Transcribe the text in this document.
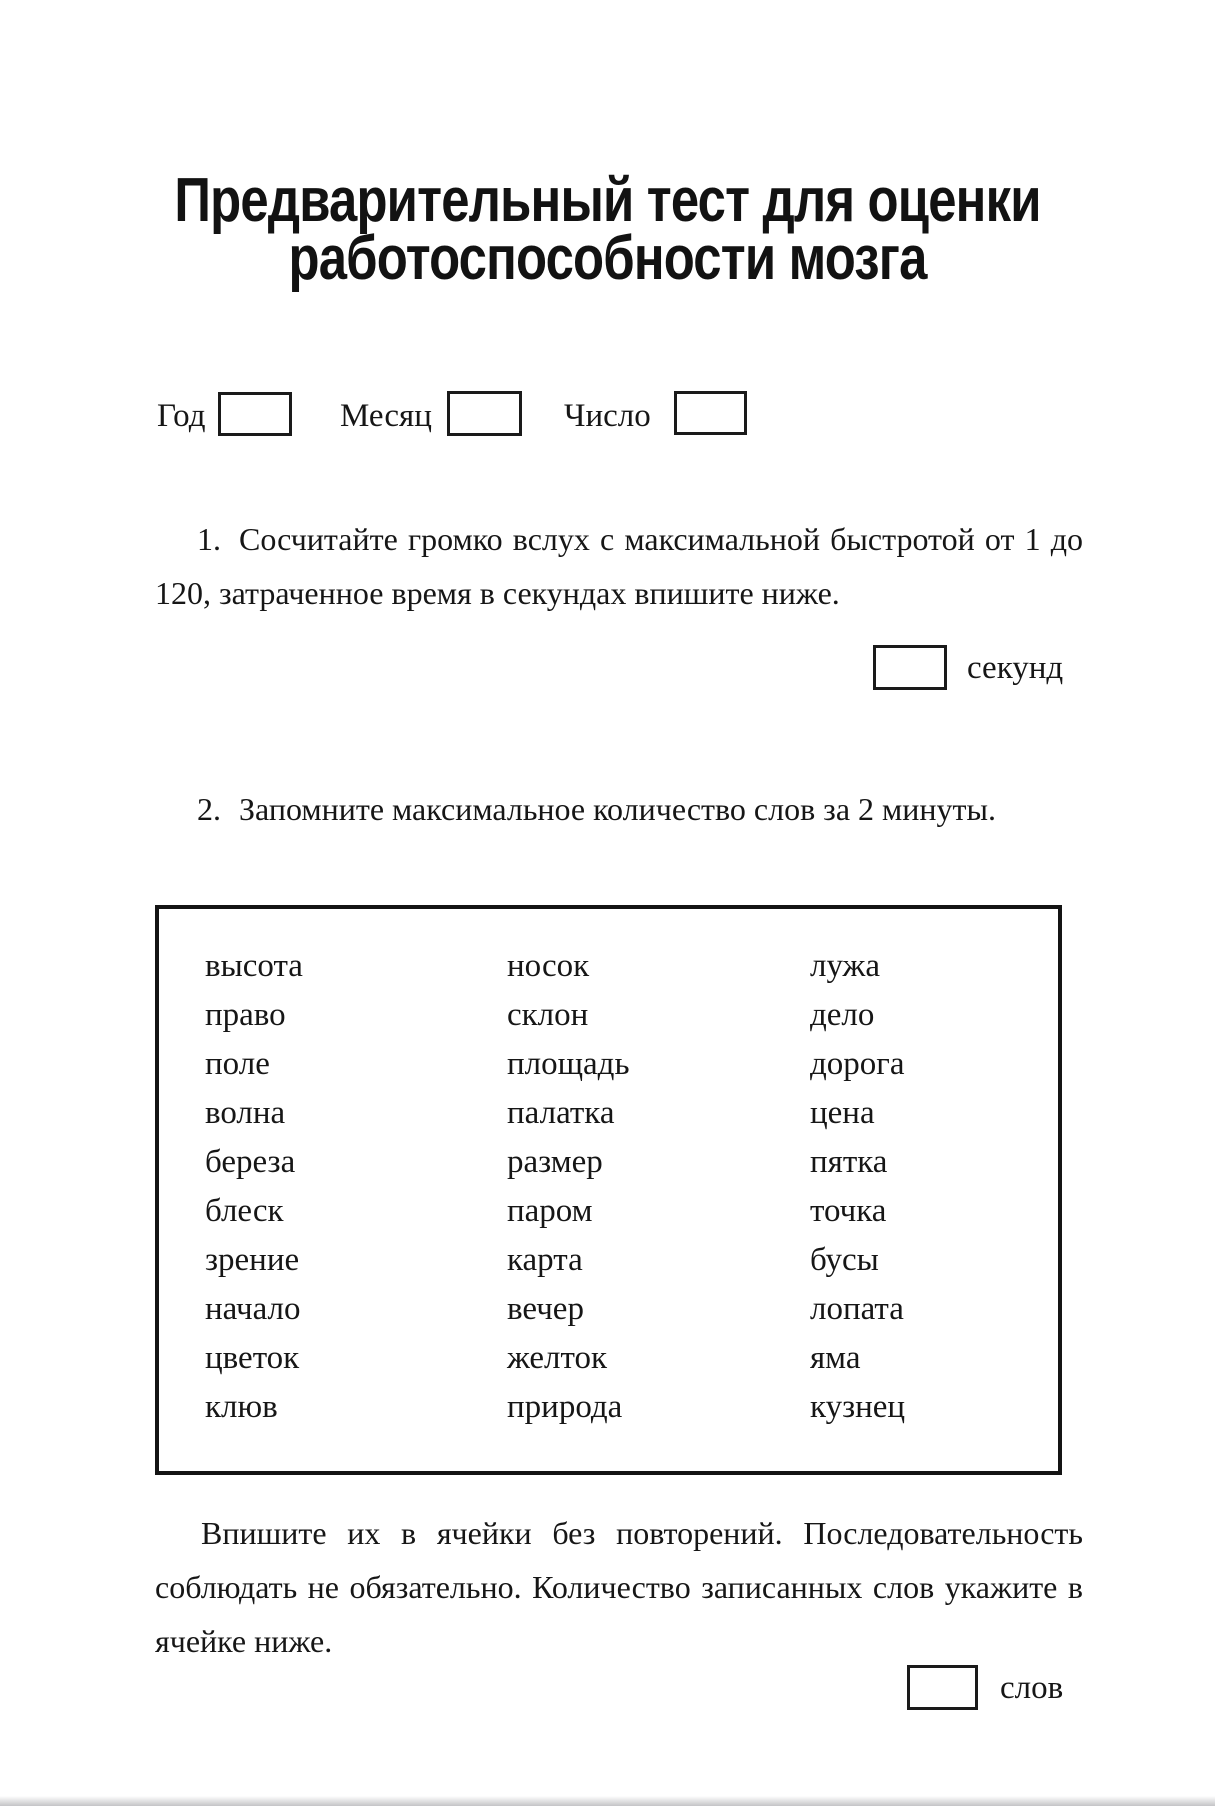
Предварительный тест для оценки
работоспособности мозга
Год	Месяц	Число

1. Сосчитайте громко вслух с максимальной быстротой от 1 до 120, затраченное время в секундах впишите ниже.

секунд

2. Запомните максимальное количество слов за 2 минуты.

высота
право
поле
волна
береза
блеск
зрение
начало
цветок
клюв
носок
склон
площадь
палатка
размер
паром
карта
вечер
желток
природа
лужа
дело
дорога
цена
пятка
точка
бусы
лопата
яма
кузнец

Впишите их в ячейки без повторений. Последовательность соблюдать не обязательно. Количество записанных слов укажите в ячейке ниже.

слов
